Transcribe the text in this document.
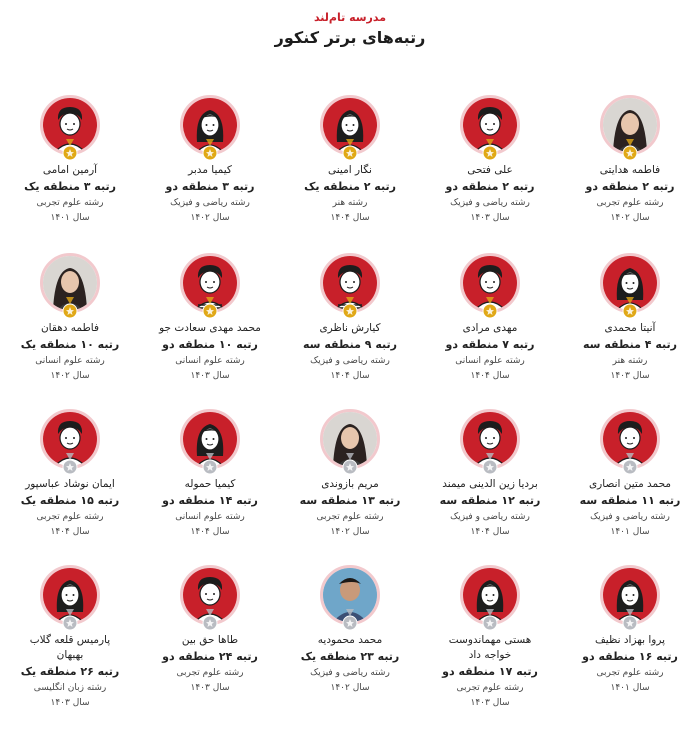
مدرسه تام‌لند
رتبه‌های برتر کنکور
فاطمه هدایتی
رتبه ۲ منطقه دو
رشته علوم تجربی
سال ۱۴۰۲
علی فتحی
رتبه ۲ منطقه دو
رشته ریاضی و فیزیک
سال ۱۴۰۳
نگار امینی
رتبه ۲ منطقه یک
رشته هنر
سال ۱۴۰۴
کیمیا مدبر
رتبه ۳ منطقه دو
رشته ریاضی و فیزیک
سال ۱۴۰۲
آرمین امامی
رتبه ۳ منطقه یک
رشته علوم تجربی
سال ۱۴۰۱
آنیتا محمدی
رتبه ۴ منطقه سه
رشته هنر
سال ۱۴۰۳
مهدی مرادی
رتبه ۷ منطقه دو
رشته علوم انسانی
سال ۱۴۰۴
کیارش ناظری
رتبه ۹ منطقه سه
رشته ریاضی و فیزیک
سال ۱۴۰۴
محمد مهدی سعادت جو
رتبه ۱۰ منطقه دو
رشته علوم انسانی
سال ۱۴۰۳
فاطمه دهقان
رتبه ۱۰ منطقه یک
رشته علوم انسانی
سال ۱۴۰۲
محمد متین انصاری
رتبه ۱۱ منطقه سه
رشته ریاضی و فیزیک
سال ۱۴۰۱
بردیا زین الدینی میمند
رتبه ۱۲ منطقه سه
رشته ریاضی و فیزیک
سال ۱۴۰۴
مریم بازوندی
رتبه ۱۳ منطقه سه
رشته علوم تجربی
سال ۱۴۰۲
کیمیا حموله
رتبه ۱۴ منطقه دو
رشته علوم انسانی
سال ۱۴۰۴
ایمان نوشاد عباسپور
رتبه ۱۵ منطقه یک
رشته علوم تجربی
سال ۱۴۰۴
پروا بهزاد نظیف
رتبه ۱۶ منطقه دو
رشته علوم تجربی
سال ۱۴۰۱
هستی مهماندوست
خواجه داد
رتبه ۱۷ منطقه دو
رشته علوم تجربی
سال ۱۴۰۳
محمد محمودیه
رتبه ۲۳ منطقه یک
رشته ریاضی و فیزیک
سال ۱۴۰۲
طاها حق بین
رتبه ۲۴ منطقه دو
رشته علوم تجربی
سال ۱۴۰۳
پارمیس قلعه گلاب
بهبهان
رتبه ۲۶ منطقه یک
رشته زبان انگلیسی
سال ۱۴۰۳
